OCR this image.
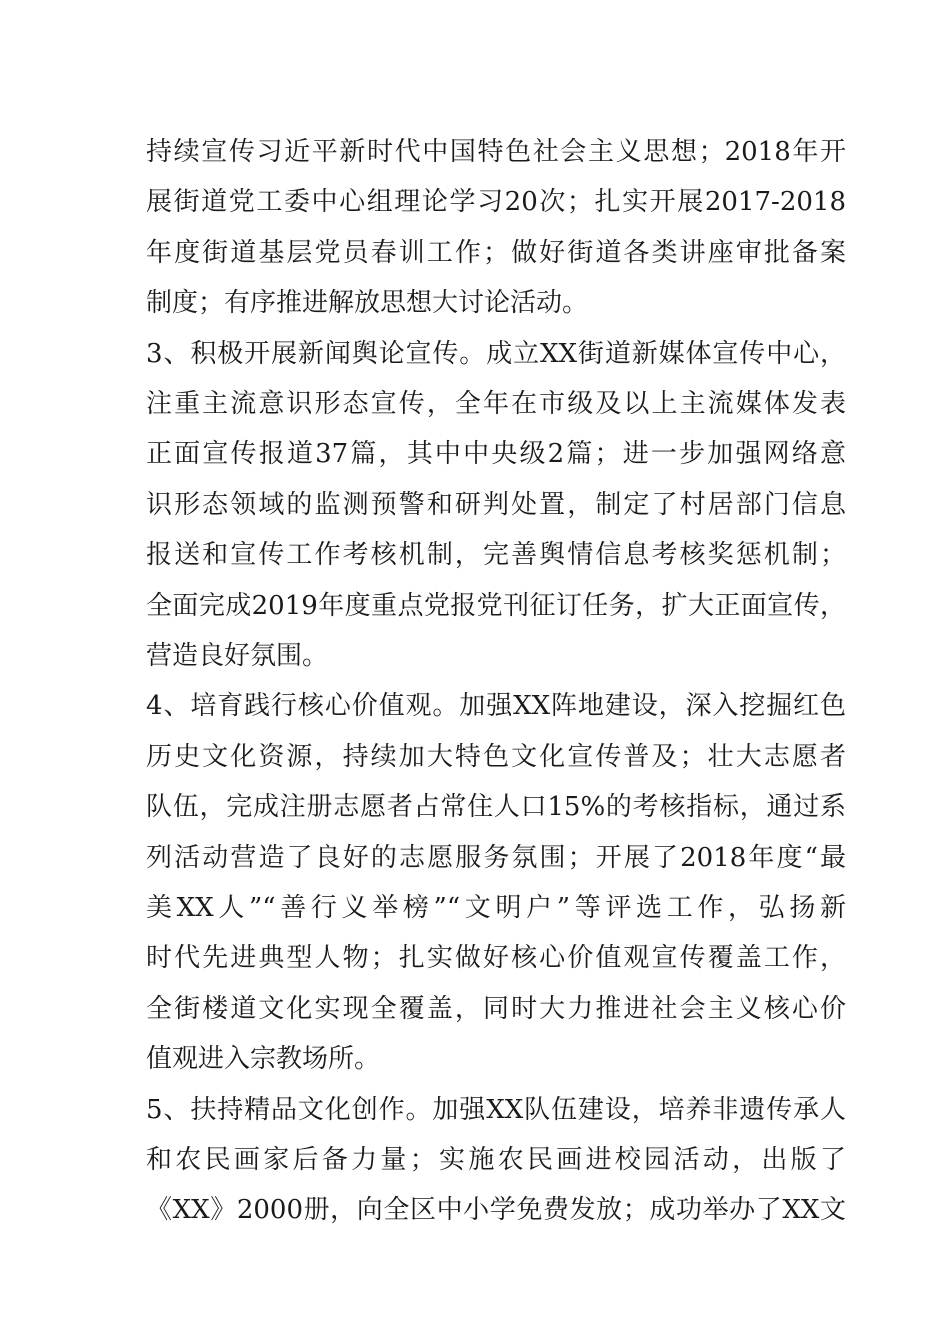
持续宣传习近平新时代中国特色社会主义思想；2018年开
展街道党工委中心组理论学习20次；扎实开展2017-2018
年度街道基层党员春训工作；做好街道各类讲座审批备案
制度；有序推进解放思想大讨论活动。
3、积极开展新闻舆论宣传。成立XX街道新媒体宣传中心，
注重主流意识形态宣传，全年在市级及以上主流媒体发表
正面宣传报道37篇，其中中央级2篇；进一步加强网络意
识形态领域的监测预警和研判处置，制定了村居部门信息
报送和宣传工作考核机制，完善舆情信息考核奖惩机制；
全面完成2019年度重点党报党刊征订任务，扩大正面宣传，
营造良好氛围。
4、培育践行核心价值观。加强XX阵地建设，深入挖掘红色
历史文化资源，持续加大特色文化宣传普及；壮大志愿者
队伍，完成注册志愿者占常住人口15%的考核指标，通过系
列活动营造了良好的志愿服务氛围；开展了2018年度“最
美XX人”“善行义举榜”“文明户”等评选工作，弘扬新
时代先进典型人物；扎实做好核心价值观宣传覆盖工作，
全街楼道文化实现全覆盖，同时大力推进社会主义核心价
值观进入宗教场所。
5、扶持精品文化创作。加强XX队伍建设，培养非遗传承人
和农民画家后备力量；实施农民画进校园活动，出版了
《XX》2000册，向全区中小学免费发放；成功举办了XX文
